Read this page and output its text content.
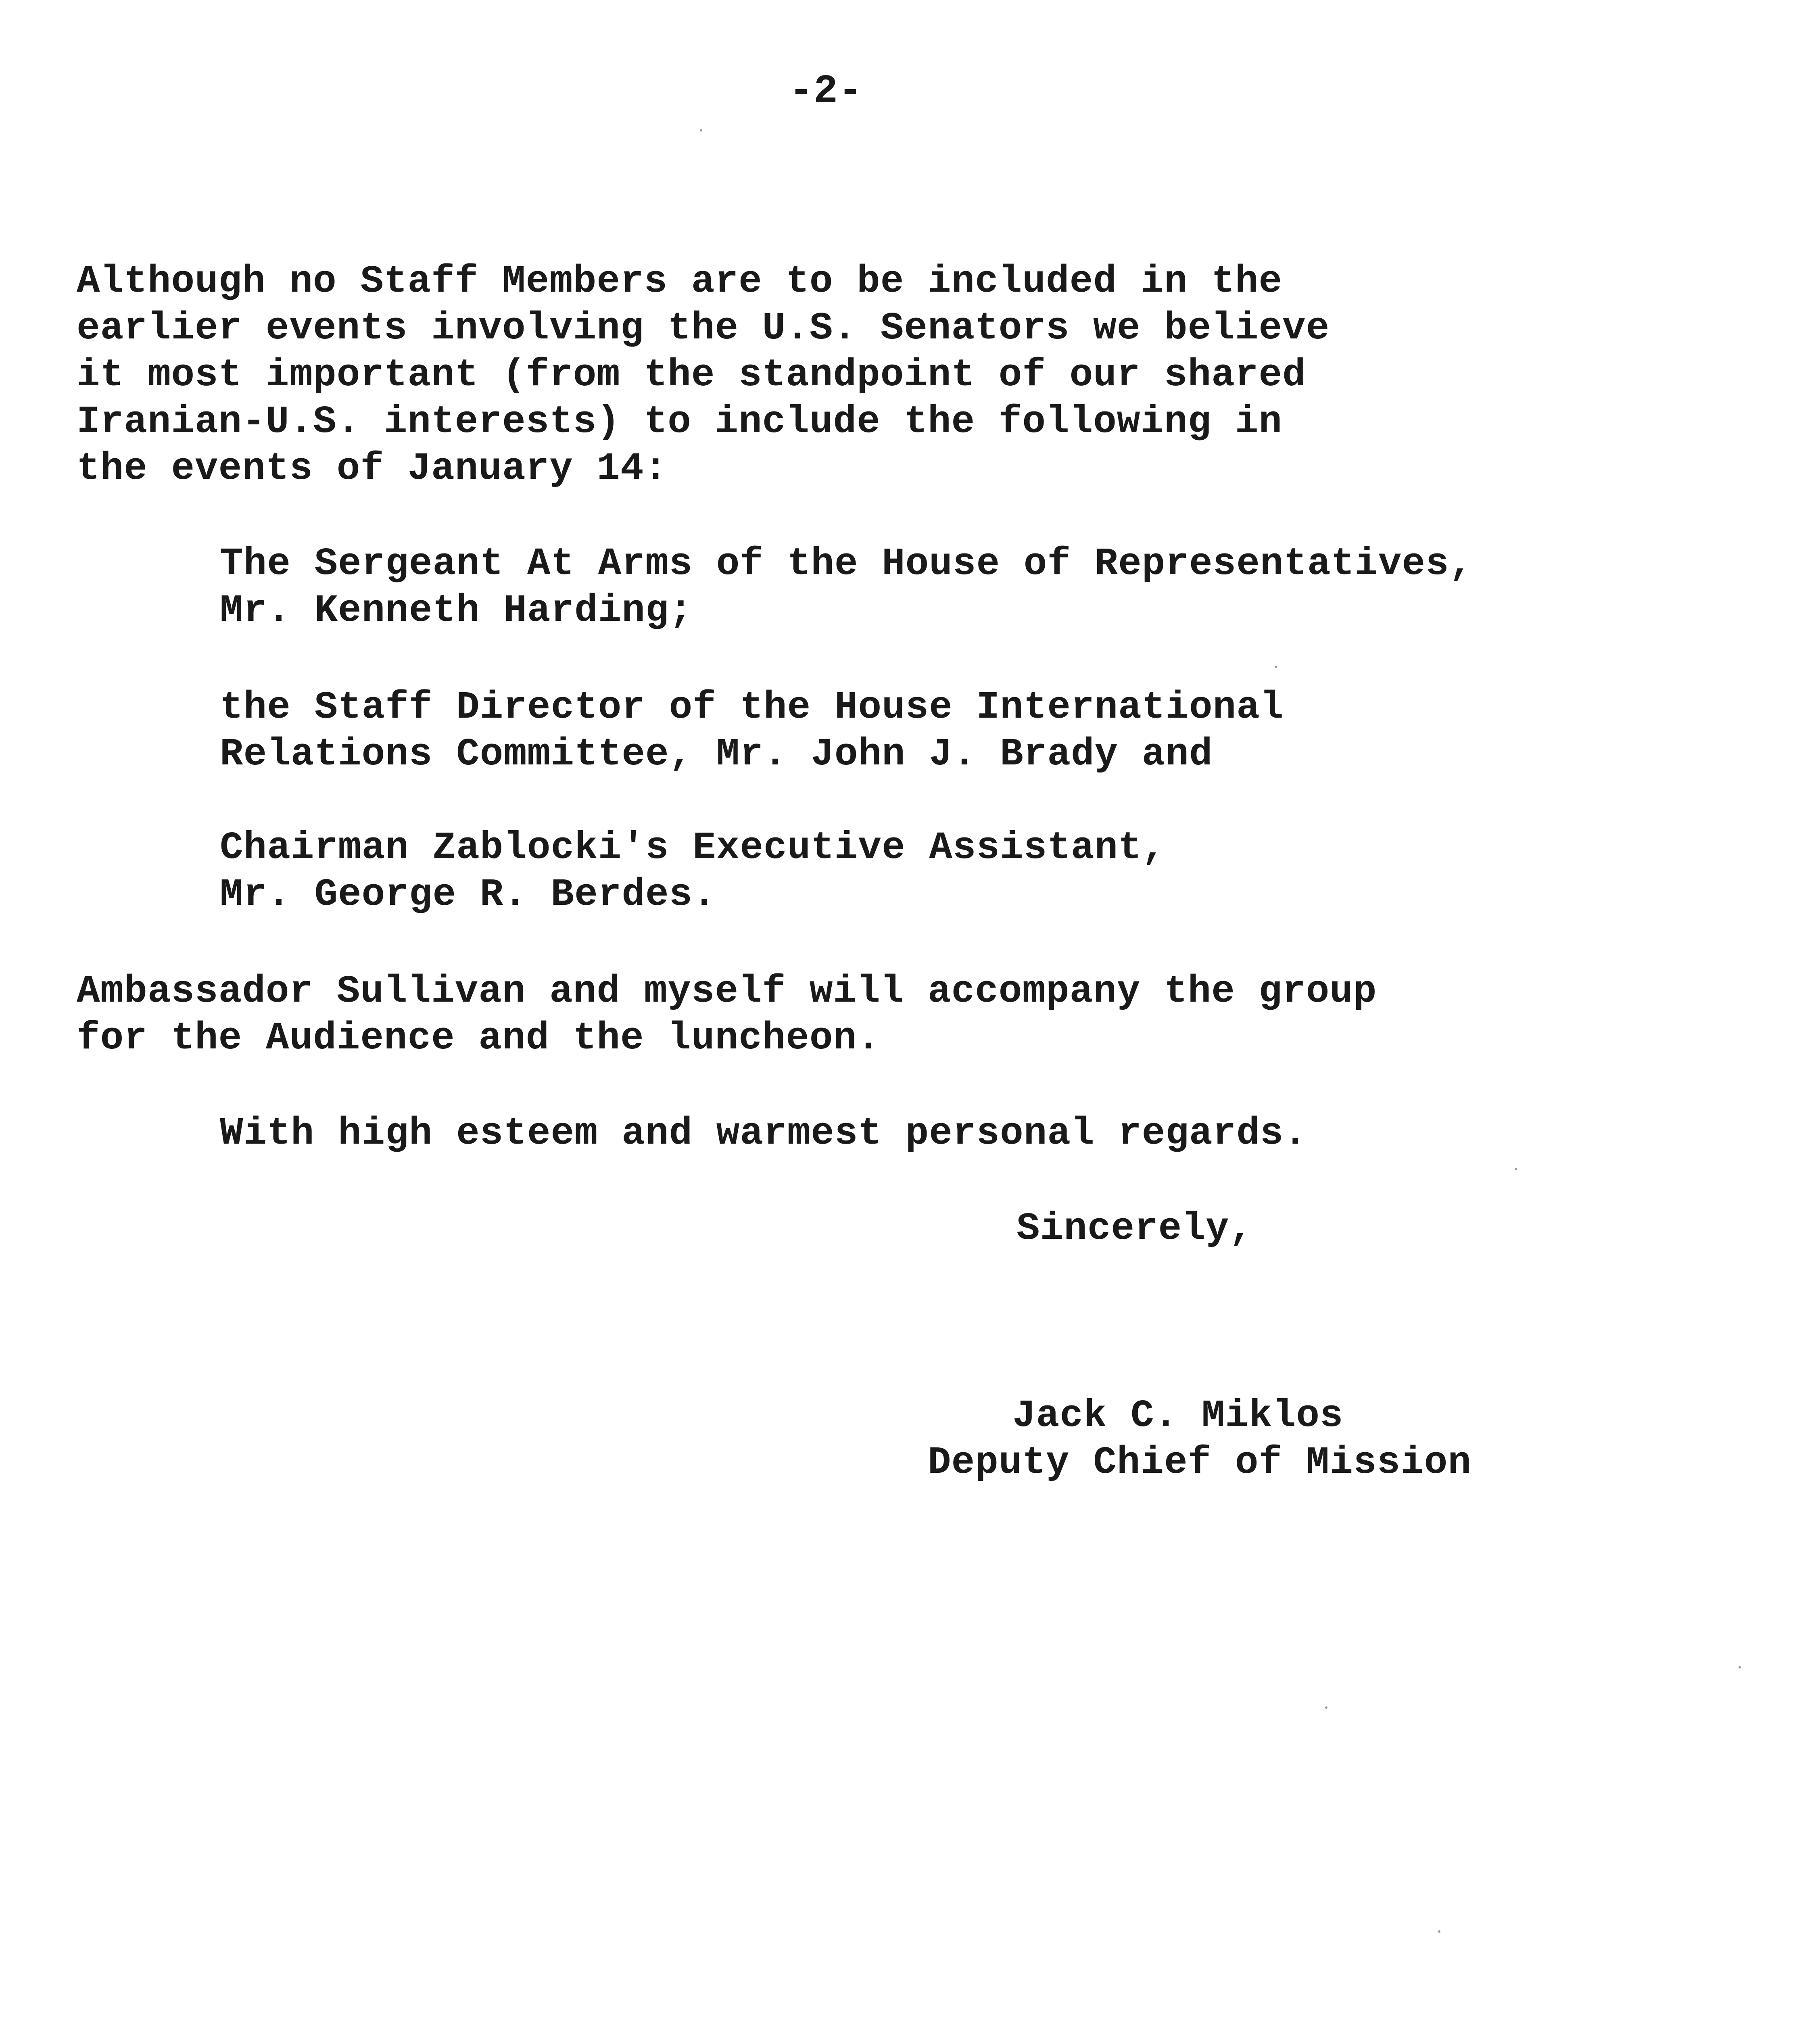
-2-
Although no Staff Members are to be included in the
earlier events involving the U.S. Senators we believe
it most important (from the standpoint of our shared
Iranian-U.S. interests) to include the following in
the events of January 14:
The Sergeant At Arms of the House of Representatives,
Mr. Kenneth Harding;
the Staff Director of the House International
Relations Committee, Mr. John J. Brady and
Chairman Zablocki's Executive Assistant,
Mr. George R. Berdes.
Ambassador Sullivan and myself will accompany the group
for the Audience and the luncheon.
With high esteem and warmest personal regards.
Sincerely,
Jack C. Miklos
Deputy Chief of Mission
